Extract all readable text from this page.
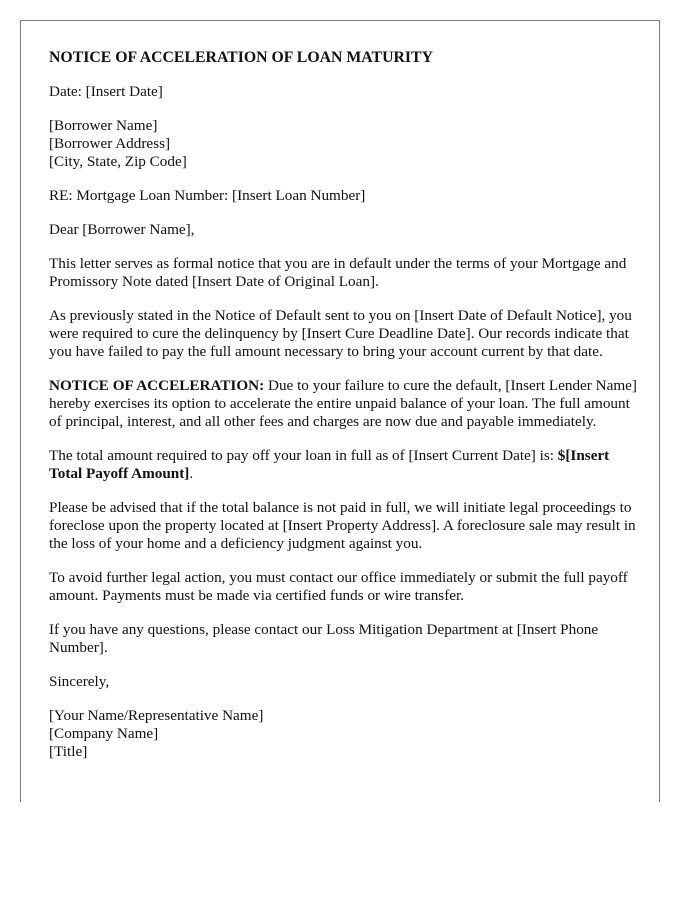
NOTICE OF ACCELERATION OF LOAN MATURITY

Date: [Insert Date]

[Borrower Name]
[Borrower Address]
[City, State, Zip Code]

RE: Mortgage Loan Number: [Insert Loan Number]

Dear [Borrower Name],

This letter serves as formal notice that you are in default under the terms of your Mortgage and Promissory Note dated [Insert Date of Original Loan].

As previously stated in the Notice of Default sent to you on [Insert Date of Default Notice], you were required to cure the delinquency by [Insert Cure Deadline Date]. Our records indicate that you have failed to pay the full amount necessary to bring your account current by that date.

NOTICE OF ACCELERATION: Due to your failure to cure the default, [Insert Lender Name] hereby exercises its option to accelerate the entire unpaid balance of your loan. The full amount of principal, interest, and all other fees and charges are now due and payable immediately.

The total amount required to pay off your loan in full as of [Insert Current Date] is: $[Insert Total Payoff Amount].

Please be advised that if the total balance is not paid in full, we will initiate legal proceedings to foreclose upon the property located at [Insert Property Address]. A foreclosure sale may result in the loss of your home and a deficiency judgment against you.

To avoid further legal action, you must contact our office immediately or submit the full payoff amount. Payments must be made via certified funds or wire transfer.

If you have any questions, please contact our Loss Mitigation Department at [Insert Phone Number].

Sincerely,

[Your Name/Representative Name]
[Company Name]
[Title]
